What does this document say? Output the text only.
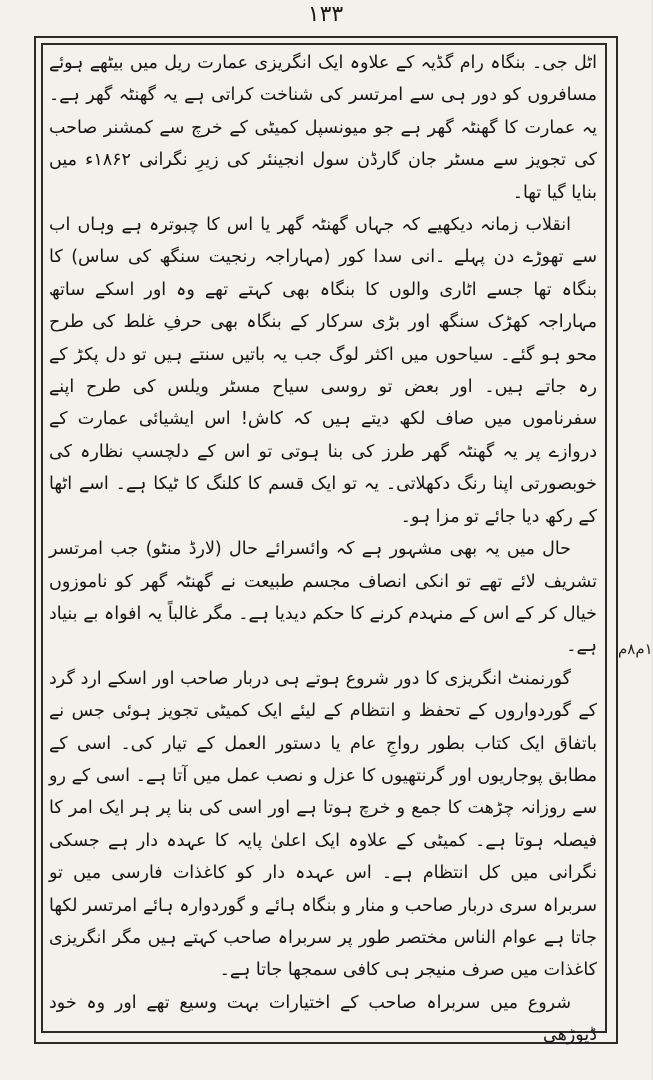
۱۳۳

اٹل جی۔ بنگاہ رام گڈیہ کے علاوہ ایک انگریزی عمارت ریل میں بیٹھے ہوئے مسافروں کو دور ہی سے امرتسر کی شناخت کراتی ہے یہ گھنٹہ گھر ہے۔ یہ عمارت کا گھنٹہ گھر ہے جو میونسپل کمیٹی کے خرچ سے کمشنر صاحب کی تجویز سے مسٹر جان گارڈن سول انجینئر کی زیرِ نگرانی ۱۸۶۲ء میں بنایا گیا تھا۔

انقلاب زمانہ دیکھیے کہ جہاں گھنٹہ گھر یا اس کا چبوترہ ہے وہاں اب سے تھوڑے دن پہلے ۔انی سدا کور (مہاراجہ رنجیت سنگھ کی ساس) کا بنگاہ تھا جسے اٹاری والوں کا بنگاہ بھی کہتے تھے وہ اور اسکے ساتھ مہاراجہ کھڑک سنگھ اور بڑی سرکار کے بنگاہ بھی حرفِ غلط کی طرح محو ہو گئے۔ سیاحوں میں اکثر لوگ جب یہ باتیں سنتے ہیں تو دل پکڑ کے رہ جاتے ہیں۔ اور بعض تو روسی سیاح مسٹر ویلس کی طرح اپنے سفرناموں میں صاف لکھ دیتے ہیں کہ کاش! اس ایشیائی عمارت کے دروازے پر یہ گھنٹہ گھر طرز کی بنا ہوتی تو اس کے دلچسپ نظارہ کی خوبصورتی اپنا رنگ دکھلاتی۔ یہ تو ایک قسم کا کلنگ کا ٹیکا ہے۔ اسے اٹھا کے رکھ دیا جائے تو مزا ہو۔

حال میں یہ بھی مشہور ہے کہ وائسرائے حال (لارڈ منٹو) جب امرتسر تشریف لائے تھے تو انکی انصاف مجسم طبیعت نے گھنٹہ گھر کو ناموزوں خیال کر کے اس کے منہدم کرنے کا حکم دیدیا ہے۔ مگر غالباً یہ افواہ بے بنیاد ہے۔

گورنمنٹ انگریزی کا دور شروع ہوتے ہی دربار صاحب اور اسکے ارد گرد کے گوردواروں کے تحفظ و انتظام کے لیئے ایک کمیٹی تجویز ہوئی جس نے باتفاق ایک کتاب بطور رواجِ عام یا دستور العمل کے تیار کی۔ اسی کے مطابق پوجاریوں اور گرنتھیوں کا عزل و نصب عمل میں آتا ہے۔ اسی کے رو سے روزانہ چڑھت کا جمع و خرچ ہوتا ہے اور اسی کی بنا پر ہر ایک امر کا فیصلہ ہوتا ہے۔ کمیٹی کے علاوہ ایک اعلیٰ پایہ کا عہدہ دار ہے جسکی نگرانی میں کل انتظام ہے۔ اس عہدہ دار کو کاغذات فارسی میں تو سربراہ سری دربار صاحب و منار و بنگاہ ہائے و گوردوارہ ہائے امرتسر لکھا جاتا ہے عوام الناس مختصر طور پر سربراہ صاحب کہتے ہیں مگر انگریزی کاغذات میں صرف منیجر ہی کافی سمجھا جاتا ہے۔

شروع میں سربراہ صاحب کے اختیارات بہت وسیع تھے اور وہ خود ڈیوڑھی

۱م۸م
